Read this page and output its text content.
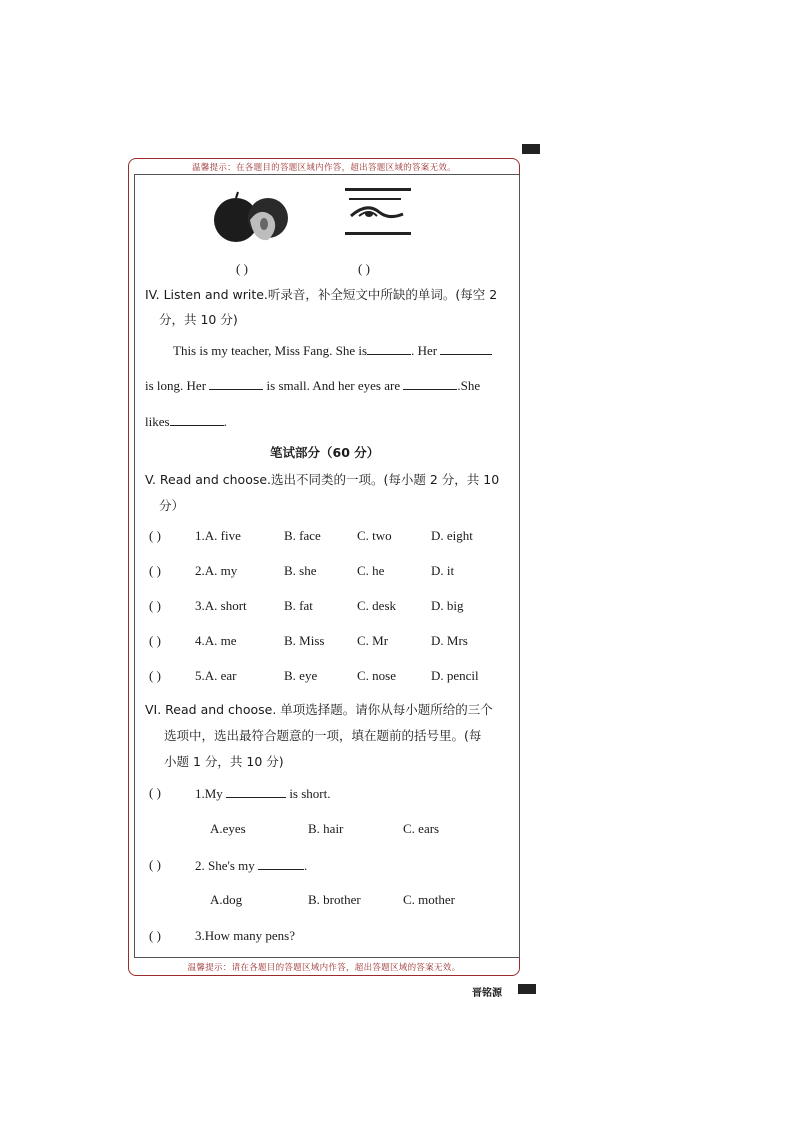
温馨提示：在各题目的答题区域内作答，超出答题区域的答案无效。
温馨提示：请在各题目的答题区域内作答，超出答题区域的答案无效。
( )	( )
IV. Listen and write.听录音，补全短文中所缺的单词。(每空 2
分，共 10 分)
This is my teacher, Miss Fang. She is	. Her
is long. Her	is small. And her eyes are	.She
likes	.
笔试部分（60 分）
V. Read and choose.选出不同类的一项。(每小题 2 分，共 10
分）
( )	1.A. five	B. face	C. two	D. eight
( )	2.A. my	B. she	C. he	D. it
( )	3.A. short	B. fat	C. desk	D. big
( )	4.A. me	B. Miss	C. Mr	D. Mrs
( )	5.A. ear	B. eye	C. nose	D. pencil
VI. Read and choose. 单项选择题。请你从每小题所给的三个
选项中，选出最符合题意的一项，填在题前的括号里。(每
小题 1 分，共 10 分)
( )	1.My	is short.
A.eyes	B. hair	C. ears
( )	2. She's my	.
A.dog	B. brother	C. mother
( )	3.How many pens?
晋铭源
